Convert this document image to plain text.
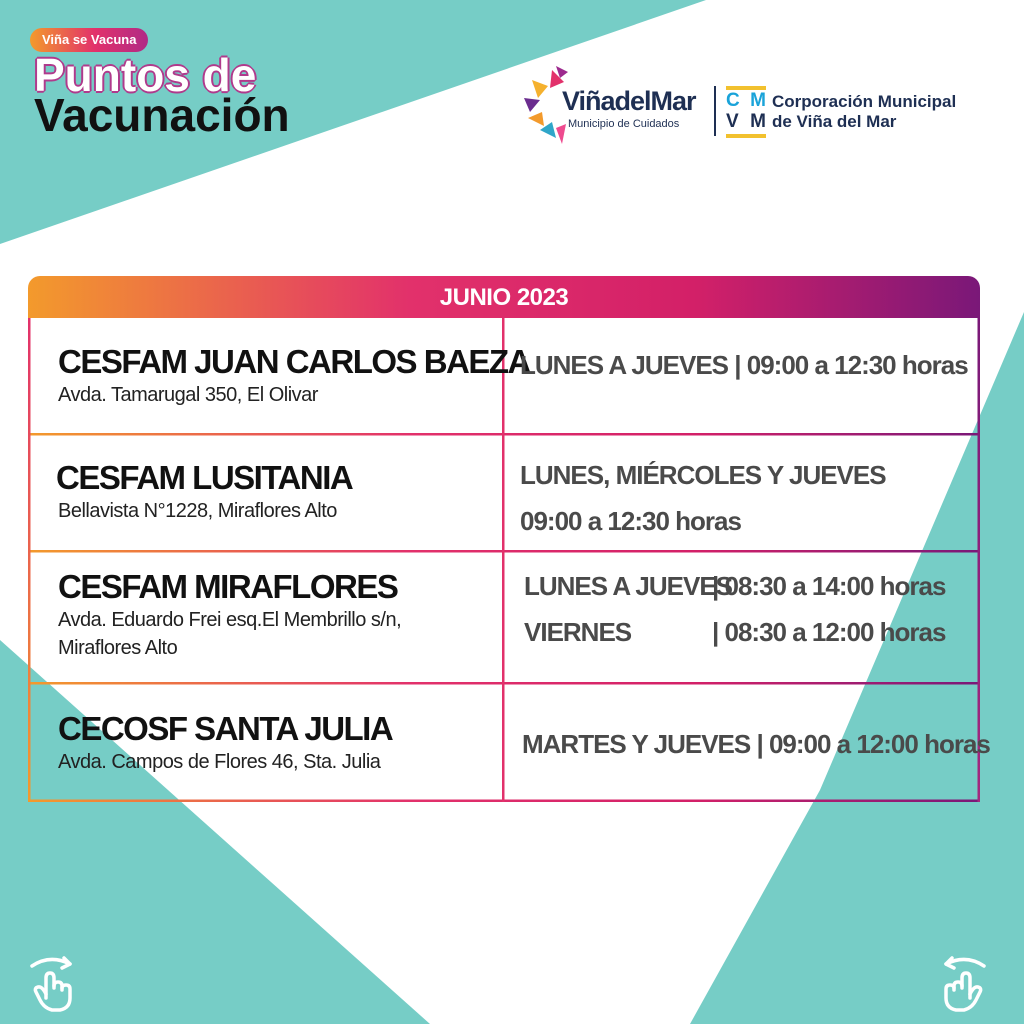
Viña se Vacuna
Puntos de
Vacunación	ViñadelMar
Municipio de Cuidados
C M
V M
Corporación Municipal
de Viña del Mar
JUNIO 2023
CESFAM JUAN CARLOS BAEZA
Avda. Tamarugal 350, El Olivar
LUNES A JUEVES | 09:00 a 12:30 horas
CESFAM LUSITANIA
Bellavista N°1228, Miraflores Alto
LUNES, MIÉRCOLES Y JUEVES
09:00 a 12:30 horas
CESFAM MIRAFLORES
Avda. Eduardo Frei esq.El Membrillo s/n,
Miraflores Alto
LUNES A JUEVES
| 08:30 a 14:00 horas
VIERNES	| 08:30 a 12:00 horas
CECOSF SANTA JULIA
Avda. Campos de Flores 46, Sta. Julia
MARTES Y JUEVES | 09:00 a 12:00 horas
